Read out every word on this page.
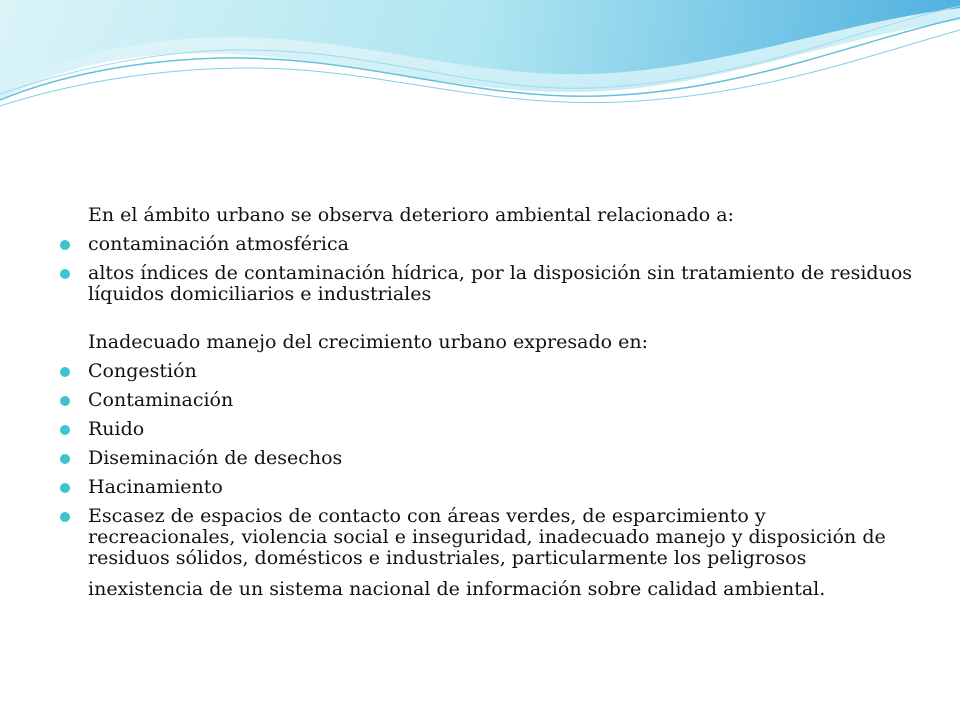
En el ámbito urbano se observa deterioro ambiental relacionado a:

contaminación atmosférica

altos índices de contaminación hídrica, por la disposición sin tratamiento de residuos líquidos domiciliarios e industriales

Inadecuado manejo del crecimiento urbano expresado en:

Congestión

Contaminación

Ruido

Diseminación de desechos

Hacinamiento

Escasez de espacios de contacto con áreas verdes, de esparcimiento y recreacionales, violencia social e inseguridad, inadecuado manejo y disposición de residuos sólidos, domésticos e industriales, particularmente los peligrosos

inexistencia de un sistema nacional de información sobre calidad ambiental.
